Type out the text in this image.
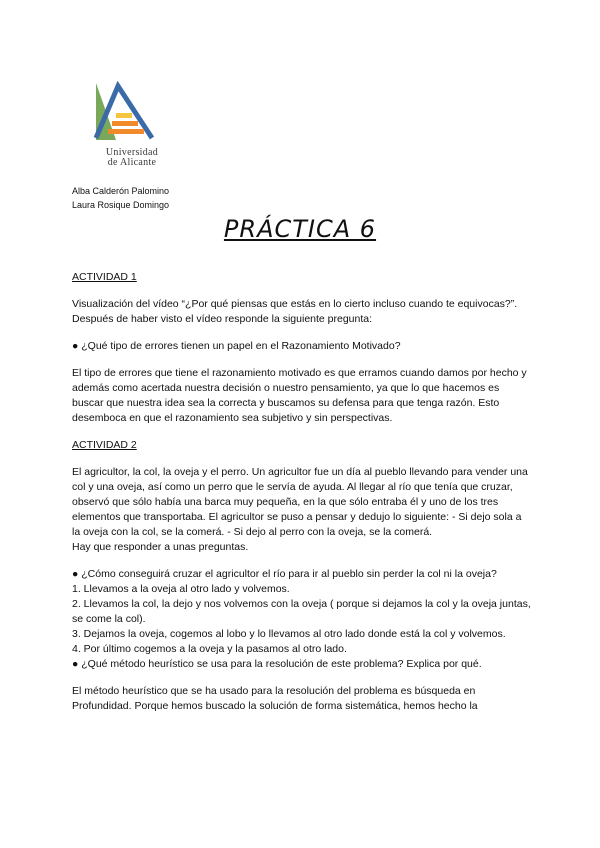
Universidad
de Alicante
Alba Calderón Palomino
Laura Rosique Domingo
PRÁCTICA 6

ACTIVIDAD 1

Visualización del vídeo “¿Por qué piensas que estás en lo cierto incluso cuando te equivocas?”. Después de haber visto el vídeo responde la siguiente pregunta:

● ¿Qué tipo de errores tienen un papel en el Razonamiento Motivado?

El tipo de errores que tiene el razonamiento motivado es que erramos cuando damos por hecho y además como acertada nuestra decisión o nuestro pensamiento, ya que lo que hacemos es buscar que nuestra idea sea la correcta y buscamos su defensa para que tenga razón. Esto desemboca en que el razonamiento sea subjetivo y sin perspectivas.

ACTIVIDAD 2

El agricultor, la col, la oveja y el perro. Un agricultor fue un día al pueblo llevando para vender una col y una oveja, así como un perro que le servía de ayuda. Al llegar al río que tenía que cruzar, observó que sólo había una barca muy pequeña, en la que sólo entraba él y uno de los tres elementos que transportaba. El agricultor se puso a pensar y dedujo lo siguiente: - Si dejo sola a la oveja con la col, se la comerá. - Si dejo al perro con la oveja, se la comerá.

Hay que responder a unas preguntas.

● ¿Cómo conseguirá cruzar el agricultor el río para ir al pueblo sin perder la col ni la oveja?

1. Llevamos a la oveja al otro lado y volvemos.

2. Llevamos la col, la dejo y nos volvemos con la oveja ( porque si dejamos la col y la oveja juntas, se come la col).

3. Dejamos la oveja, cogemos al lobo y lo llevamos al otro lado donde está la col y volvemos.

4. Por último cogemos a la oveja y la pasamos al otro lado.

● ¿Qué método heurístico se usa para la resolución de este problema? Explica por qué.

El método heurístico que se ha usado para la resolución del problema es búsqueda en Profundidad. Porque hemos buscado la solución de forma sistemática, hemos hecho la
